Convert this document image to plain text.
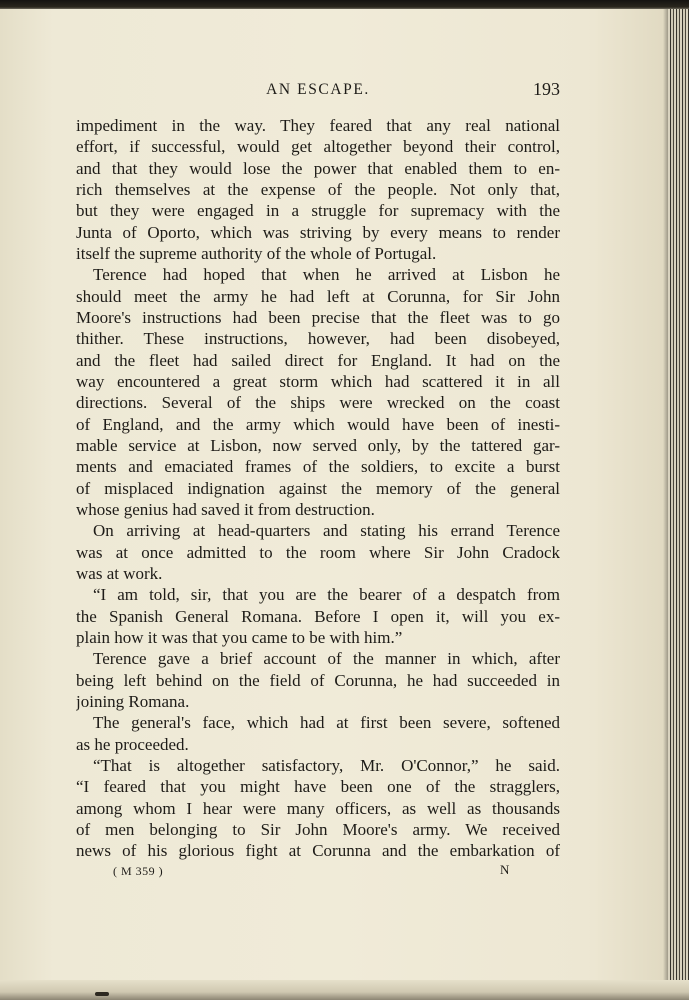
AN ESCAPE.	193
impediment in the way. They feared that any real national
effort, if successful, would get altogether beyond their control,
and that they would lose the power that enabled them to en-
rich themselves at the expense of the people. Not only that,
but they were engaged in a struggle for supremacy with the
Junta of Oporto, which was striving by every means to render
itself the supreme authority of the whole of Portugal.
Terence had hoped that when he arrived at Lisbon he
should meet the army he had left at Corunna, for Sir John
Moore's instructions had been precise that the fleet was to go
thither. These instructions, however, had been disobeyed,
and the fleet had sailed direct for England. It had on the
way encountered a great storm which had scattered it in all
directions. Several of the ships were wrecked on the coast
of England, and the army which would have been of inesti-
mable service at Lisbon, now served only, by the tattered gar-
ments and emaciated frames of the soldiers, to excite a burst
of misplaced indignation against the memory of the general
whose genius had saved it from destruction.
On arriving at head-quarters and stating his errand Terence
was at once admitted to the room where Sir John Cradock
was at work.
“I am told, sir, that you are the bearer of a despatch from
the Spanish General Romana. Before I open it, will you ex-
plain how it was that you came to be with him.”
Terence gave a brief account of the manner in which, after
being left behind on the field of Corunna, he had succeeded in
joining Romana.
The general's face, which had at first been severe, softened
as he proceeded.
“That is altogether satisfactory, Mr. O'Connor,” he said.
“I feared that you might have been one of the stragglers,
among whom I hear were many officers, as well as thousands
of men belonging to Sir John Moore's army. We received
news of his glorious fight at Corunna and the embarkation of
( M 359 )	N
